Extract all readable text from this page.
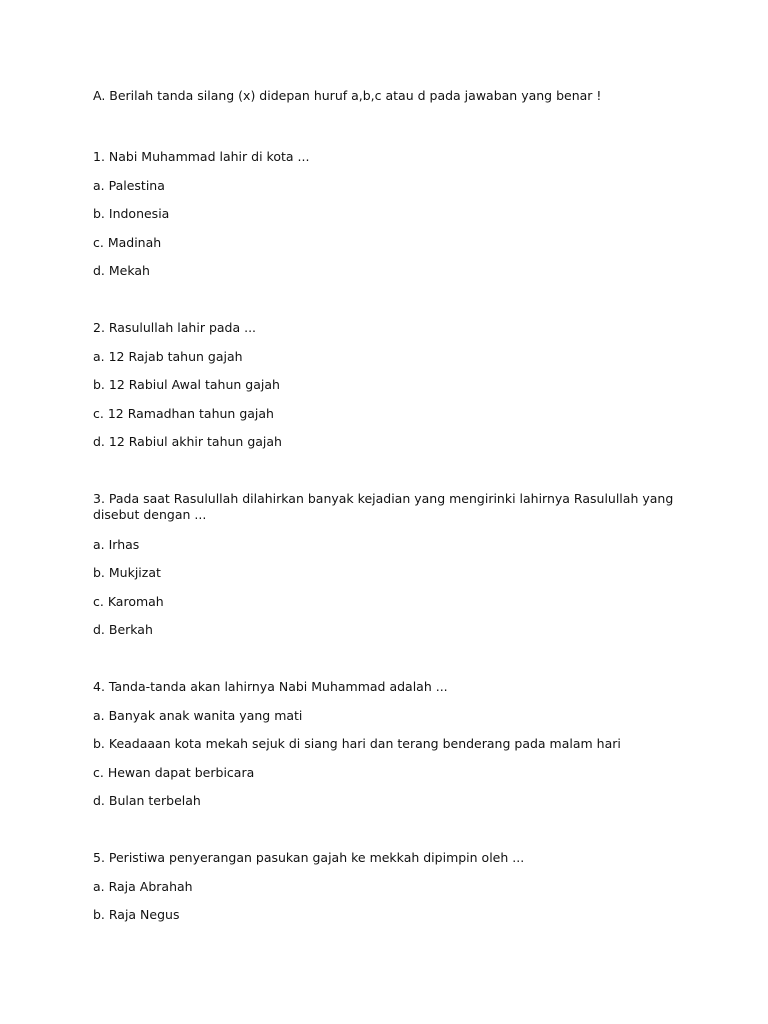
A. Berilah tanda silang (x) didepan huruf a,b,c atau d pada jawaban yang benar !
1. Nabi Muhammad lahir di kota ...
a. Palestina
b. Indonesia
c. Madinah
d. Mekah
2. Rasulullah lahir pada ...
a. 12 Rajab tahun gajah
b. 12 Rabiul Awal tahun gajah
c. 12 Ramadhan tahun gajah
d. 12 Rabiul akhir tahun gajah
3. Pada saat Rasulullah dilahirkan banyak kejadian yang mengirinki lahirnya Rasulullah yang disebut dengan ...
a. Irhas
b. Mukjizat
c. Karomah
d. Berkah
4. Tanda-tanda akan lahirnya Nabi Muhammad adalah ...
a. Banyak anak wanita yang mati
b. Keadaaan kota mekah sejuk di siang hari dan terang benderang pada malam hari
c. Hewan dapat berbicara
d. Bulan terbelah
5. Peristiwa penyerangan pasukan gajah ke mekkah dipimpin oleh ...
a. Raja Abrahah
b. Raja Negus
